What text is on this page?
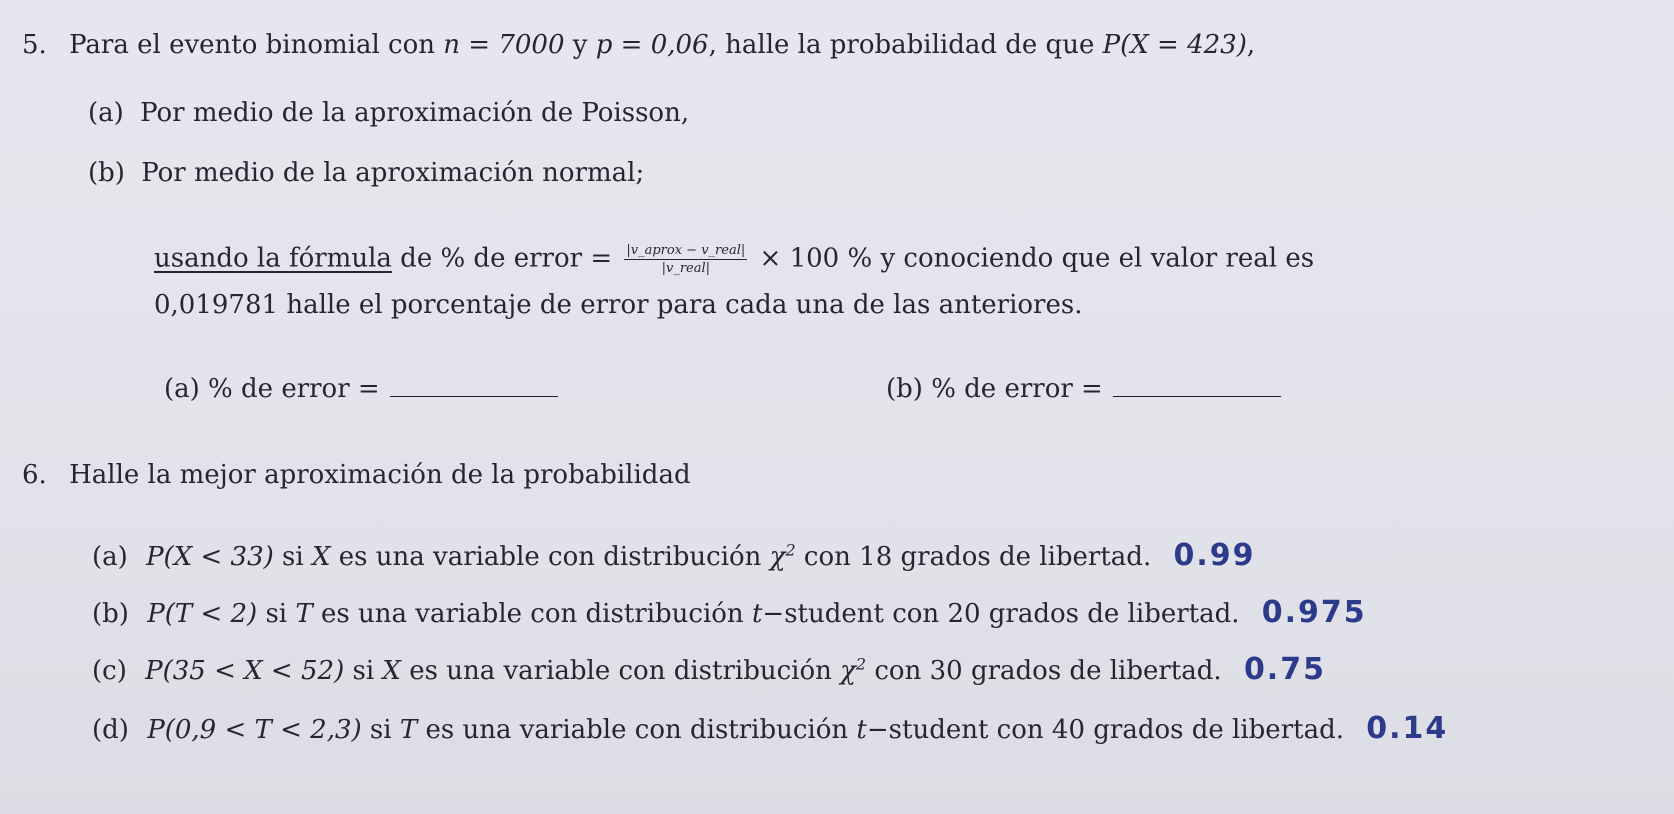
5. Para el evento binomial con n = 7000 y p = 0,06, halle la probabilidad de que P(X = 423),
(a) Por medio de la aproximación de Poisson,
(b) Por medio de la aproximación normal;
usando la fórmula de % de error = $\frac{\text{|v\_aprox − v\_real|}}{\text{|v\_real|}} \times 100$ % y conociendo que el valor real es
0,019781 halle el porcentaje de error para cada una de las anteriores.
(a) % de error =	(b) % de error =
6. Halle la mejor aproximación de la probabilidad
(a) P(X < 33) si X es una variable con distribución $\chi^2$ con 18 grados de libertad. 0.99
(b) P(T < 2) si T es una variable con distribución t−student con 20 grados de libertad. 0.975
(c) P(35 < X < 52) si X es una variable con distribución $\chi^2$ con 30 grados de libertad. 0.75
(d) P(0,9 < T < 2,3) si T es una variable con distribución t−student con 40 grados de libertad. 0.14
